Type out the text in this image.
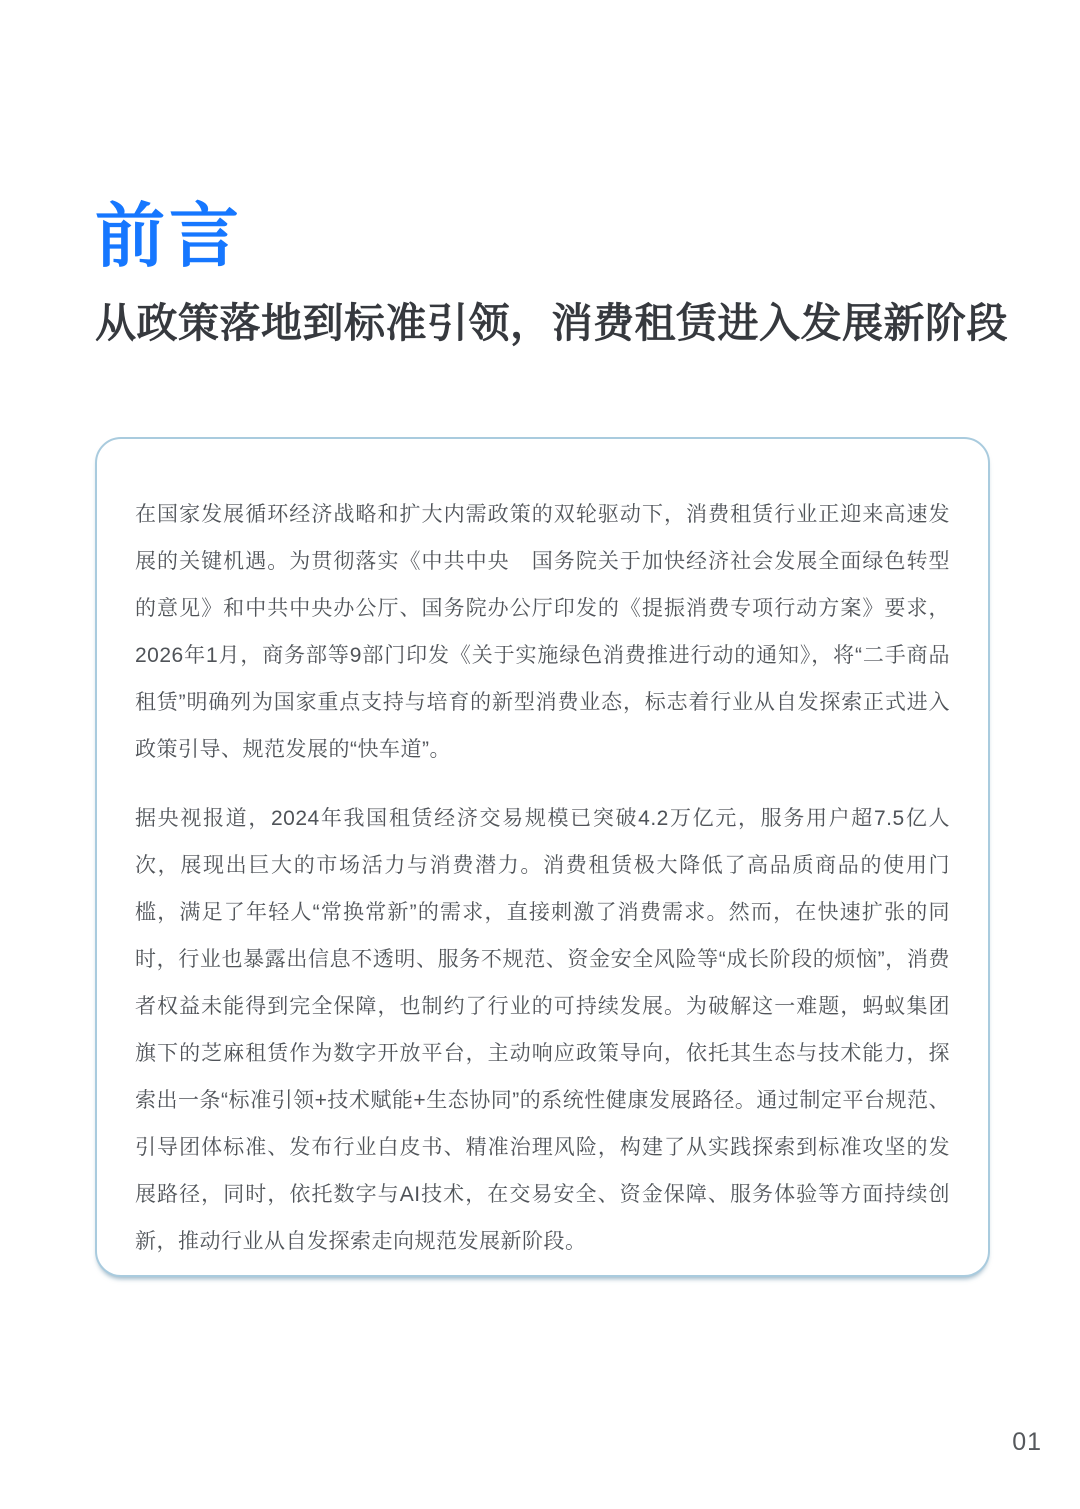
前言
从政策落地到标准引领，消费租赁进入发展新阶段

在国家发展循环经济战略和扩大内需政策的双轮驱动下，消费租赁行业正迎来高速发展的关键机遇。为贯彻落实《中共中央　国务院关于加快经济社会发展全面绿色转型的意见》和中共中央办公厅、国务院办公厅印发的《提振消费专项行动方案》要求，2026年1月，商务部等9部门印发《关于实施绿色消费推进行动的通知》，将“二手商品租赁”明确列为国家重点支持与培育的新型消费业态，标志着行业从自发探索正式进入政策引导、规范发展的“快车道”。

据央视报道，2024年我国租赁经济交易规模已突破4.2万亿元，服务用户超7.5亿人次，展现出巨大的市场活力与消费潜力。消费租赁极大降低了高品质商品的使用门槛，满足了年轻人“常换常新”的需求，直接刺激了消费需求。然而，在快速扩张的同时，行业也暴露出信息不透明、服务不规范、资金安全风险等“成长阶段的烦恼”，消费者权益未能得到完全保障，也制约了行业的可持续发展。为破解这一难题，蚂蚁集团旗下的芝麻租赁作为数字开放平台，主动响应政策导向，依托其生态与技术能力，探索出一条“标准引领+技术赋能+生态协同”的系统性健康发展路径。通过制定平台规范、引导团体标准、发布行业白皮书、精准治理风险，构建了从实践探索到标准攻坚的发展路径，同时，依托数字与AI技术，在交易安全、资金保障、服务体验等方面持续创新，推动行业从自发探索走向规范发展新阶段。

01
